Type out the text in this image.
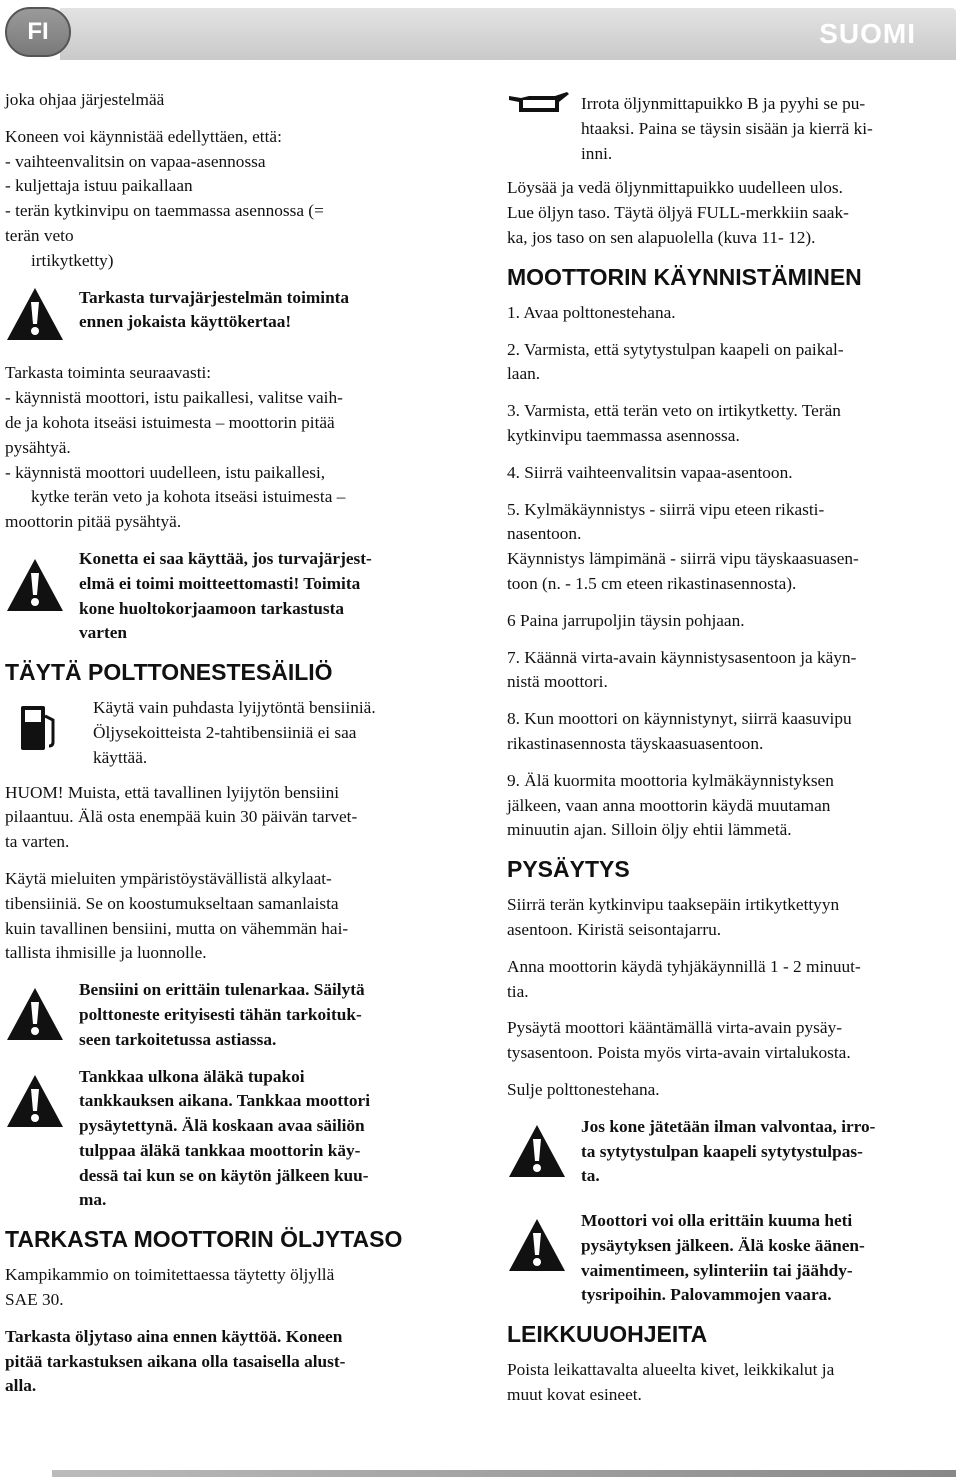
SUOMI
FI

joka ohjaa järjestelmää

Koneen voi käynnistää edellyttäen, että:
- vaihteenvalitsin on vapaa-asennossa
- kuljettaja istuu paikallaan
- terän kytkinvipu on taemmassa asennossa (=
terän veto
irtikytketty)
Tarkasta turvajärjestelmän toiminta
ennen jokaista käyttökertaa!
Tarkasta toiminta seuraavasti:
- käynnistä moottori, istu paikallesi, valitse vaih-
de ja kohota itseäsi istuimesta – moottorin pitää
pysähtyä.
- käynnistä moottori uudelleen, istu paikallesi,
kytke terän veto ja kohota itseäsi istuimesta –
moottorin pitää pysähtyä.
Konetta ei saa käyttää, jos turvajärjest-
elmä ei toimi moitteettomasti! Toimita
kone huoltokorjaamoon tarkastusta
varten
TÄYTÄ POLTTONESTESÄILIÖ
Käytä vain puhdasta lyijytöntä bensiiniä.
Öljysekoitteista 2-tahtibensiiniä ei saa
käyttää.
HUOM! Muista, että tavallinen lyijytön bensiini
pilaantuu. Älä osta enempää kuin 30 päivän tarvet-
ta varten.
Käytä mieluiten ympäristöystävällistä alkylaat-
tibensiiniä. Se on koostumukseltaan samanlaista
kuin tavallinen bensiini, mutta on vähemmän hai-
tallista ihmisille ja luonnolle.
Bensiini on erittäin tulenarkaa. Säilytä
polttoneste erityisesti tähän tarkoituk-
seen tarkoitetussa astiassa.
Tankkaa ulkona äläkä tupakoi
tankkauksen aikana. Tankkaa moottori
pysäytettynä. Älä koskaan avaa säiliön
tulppaa äläkä tankkaa moottorin käy-
dessä tai kun se on käytön jälkeen kuu-
ma.
TARKASTA MOOTTORIN ÖLJYTASO
Kampikammio on toimitettaessa täytetty öljyllä
SAE 30.
Tarkasta öljytaso aina ennen käyttöä. Koneen
pitää tarkastuksen aikana olla tasaisella alust-
alla.
Irrota öljynmittapuikko B ja pyyhi se pu-
htaaksi. Paina se täysin sisään ja kierrä ki-
inni.
Löysää ja vedä öljynmittapuikko uudelleen ulos.
Lue öljyn taso. Täytä öljyä FULL-merkkiin saak-
ka, jos taso on sen alapuolella (kuva 11- 12).
MOOTTORIN KÄYNNISTÄMINEN
1. Avaa polttonestehana.
2. Varmista, että sytytystulpan kaapeli on paikal-
laan.
3. Varmista, että terän veto on irtikytketty. Terän
kytkinvipu taemmassa asennossa.
4. Siirrä vaihteenvalitsin vapaa-asentoon.
5. Kylmäkäynnistys - siirrä vipu eteen rikasti-
nasentoon.
Käynnistys lämpimänä - siirrä vipu täyskaasuasen-
toon (n. - 1.5 cm eteen rikastinasennosta).
6 Paina jarrupoljin täysin pohjaan.
7. Käännä virta-avain käynnistysasentoon ja käyn-
nistä moottori.
8. Kun moottori on käynnistynyt, siirrä kaasuvipu
rikastinasennosta täyskaasuasentoon.
9. Älä kuormita moottoria kylmäkäynnistyksen
jälkeen, vaan anna moottorin käydä muutaman
minuutin ajan. Silloin öljy ehtii lämmetä.
PYSÄYTYS
Siirrä terän kytkinvipu taaksepäin irtikytkettyyn
asentoon. Kiristä seisontajarru.
Anna moottorin käydä tyhjäkäynnillä 1 - 2 minuut-
tia.
Pysäytä moottori kääntämällä virta-avain pysäy-
tysasentoon. Poista myös virta-avain virtalukosta.
Sulje polttonestehana.
Jos kone jätetään ilman valvontaa, irro-
ta sytytystulpan kaapeli sytytystulpas-
ta.
Moottori voi olla erittäin kuuma heti
pysäytyksen jälkeen. Älä koske äänen-
vaimentimeen, sylinteriin tai jäähdy-
tysripoihin. Palovammojen vaara.
LEIKKUUOHJEITA
Poista leikattavalta alueelta kivet, leikkikalut ja
muut kovat esineet.
